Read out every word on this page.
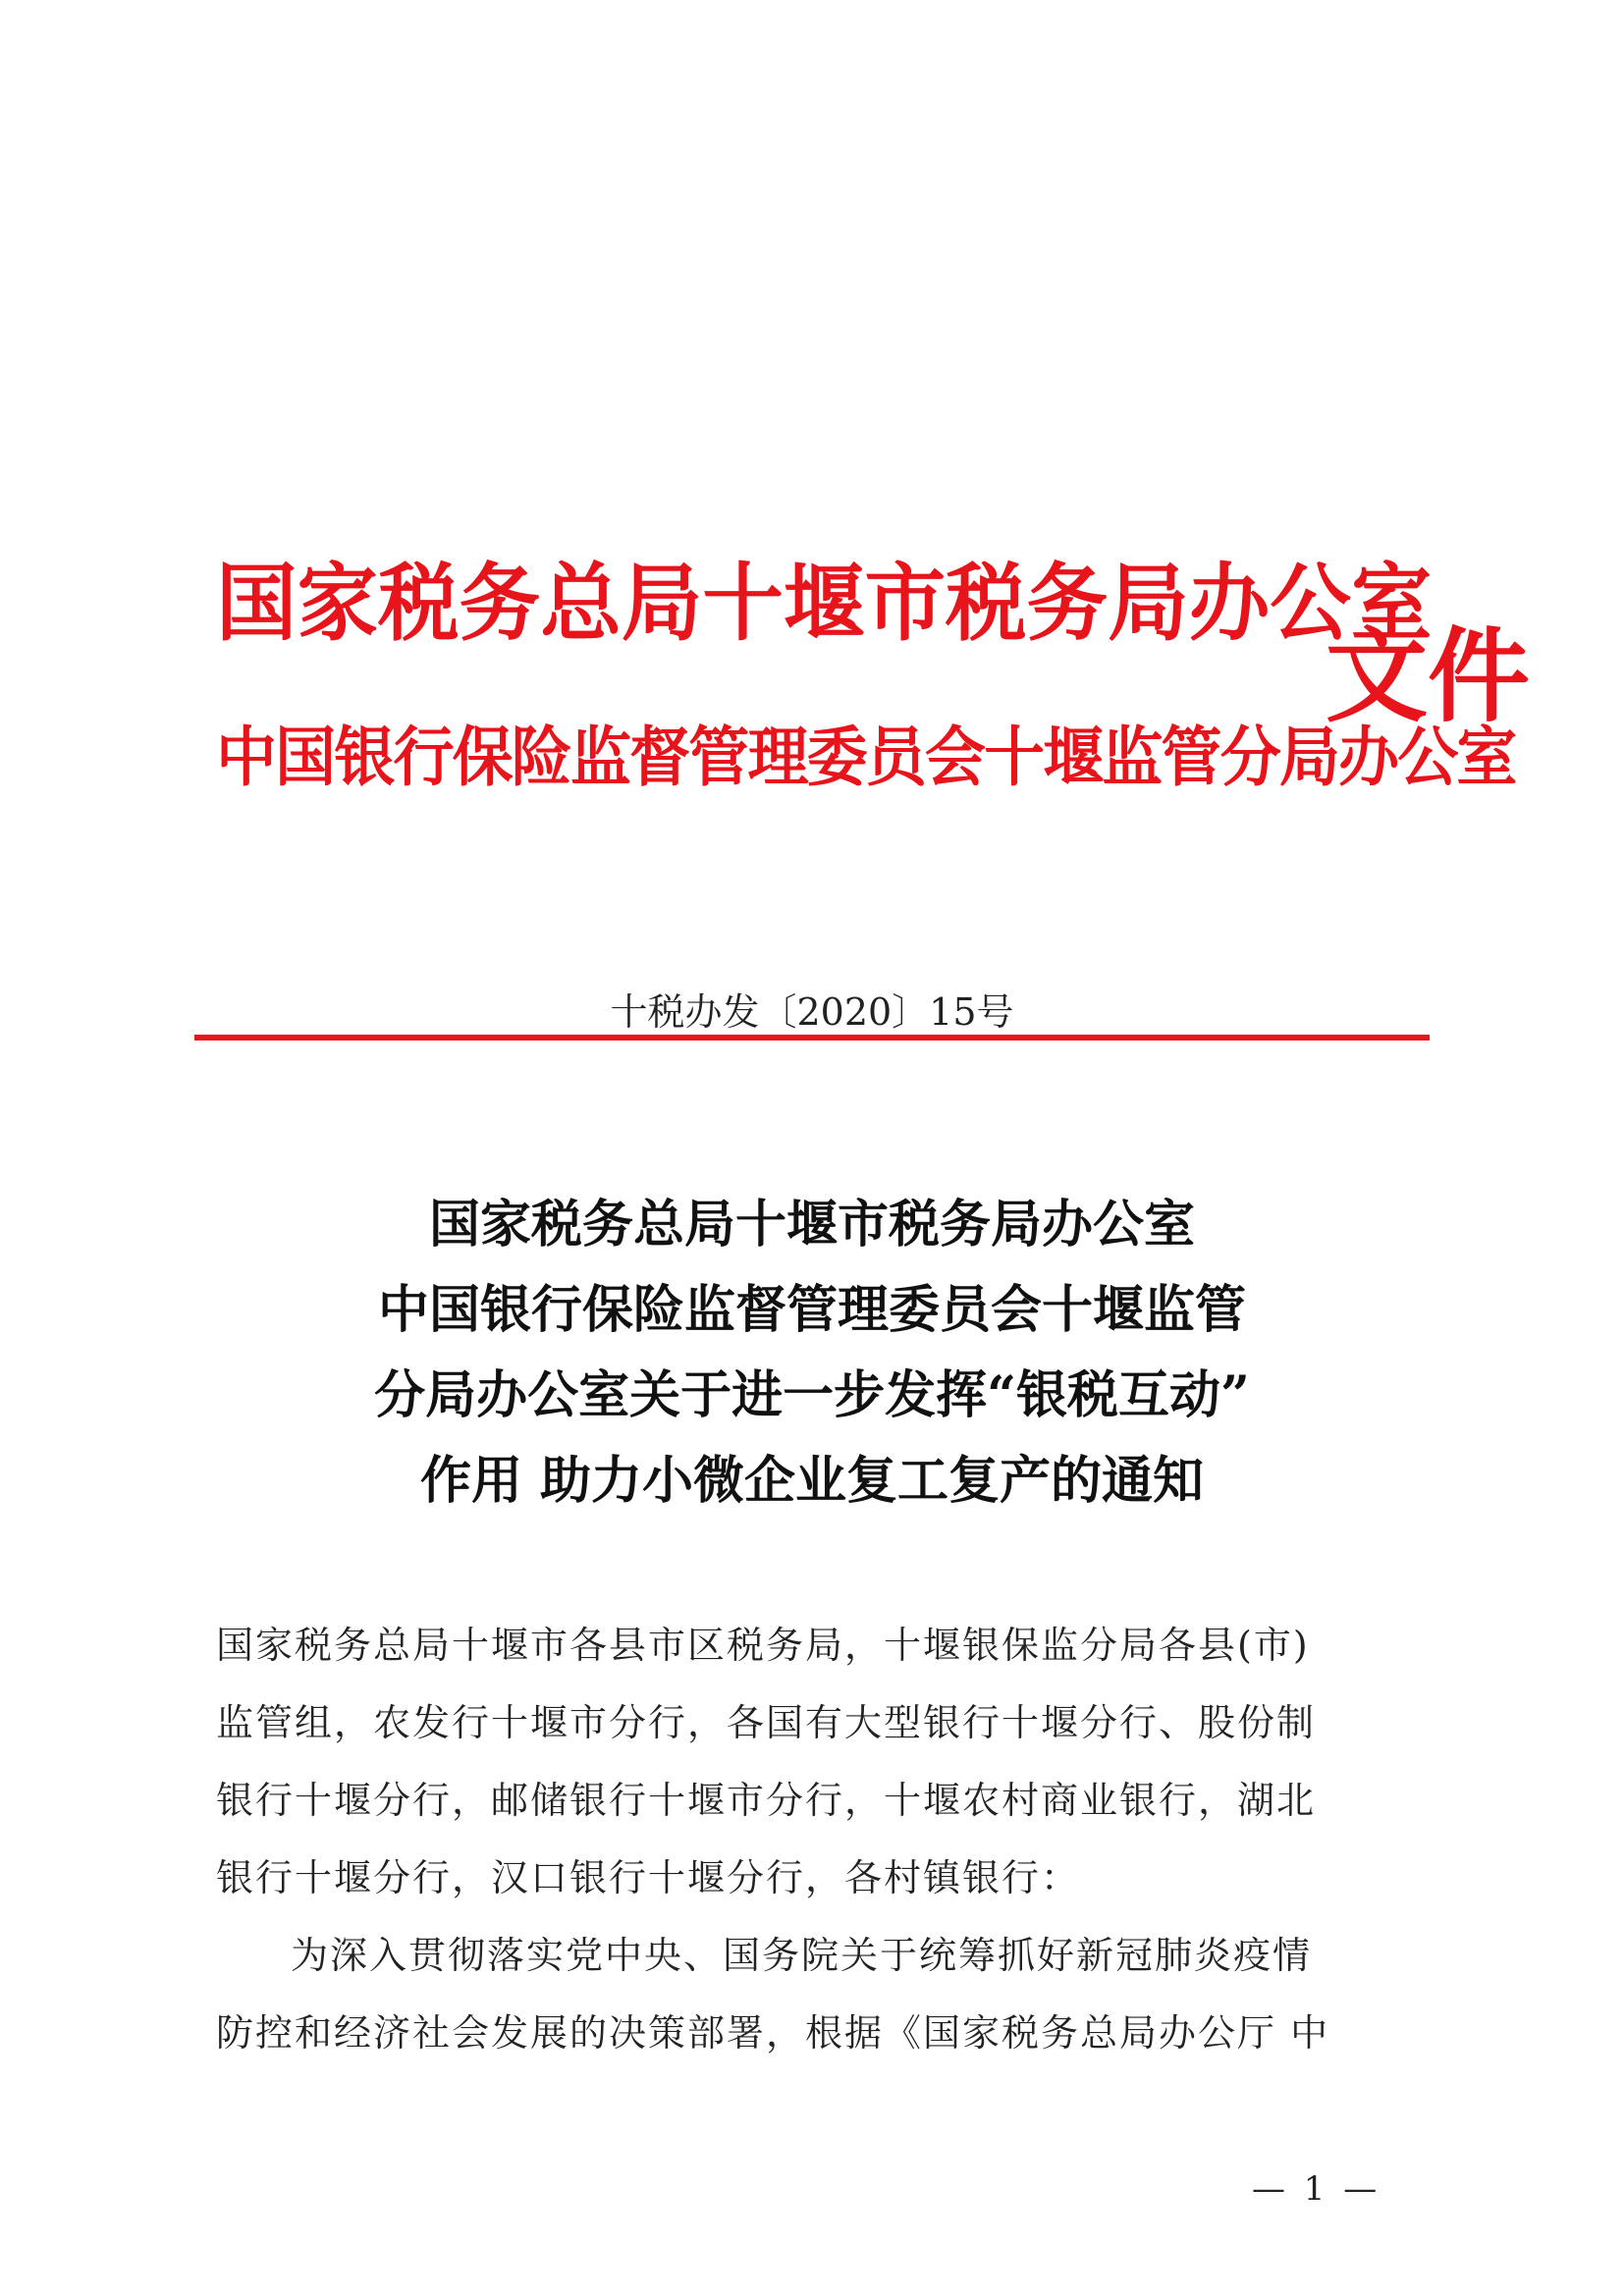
国家税务总局十堰市税务局办公室
中国银行保险监督管理委员会十堰监管分局办公室
文件
十税办发〔2020〕15号
国家税务总局十堰市税务局办公室
中国银行保险监督管理委员会十堰监管
分局办公室关于进一步发挥“银税互动”
作用 助力小微企业复工复产的通知
国家税务总局十堰市各县市区税务局，十堰银保监分局各县(市)
监管组，农发行十堰市分行，各国有大型银行十堰分行、股份制
银行十堰分行，邮储银行十堰市分行，十堰农村商业银行，湖北
银行十堰分行，汉口银行十堰分行，各村镇银行：
为深入贯彻落实党中央、国务院关于统筹抓好新冠肺炎疫情
防控和经济社会发展的决策部署，根据《国家税务总局办公厅 中
— 1 —
